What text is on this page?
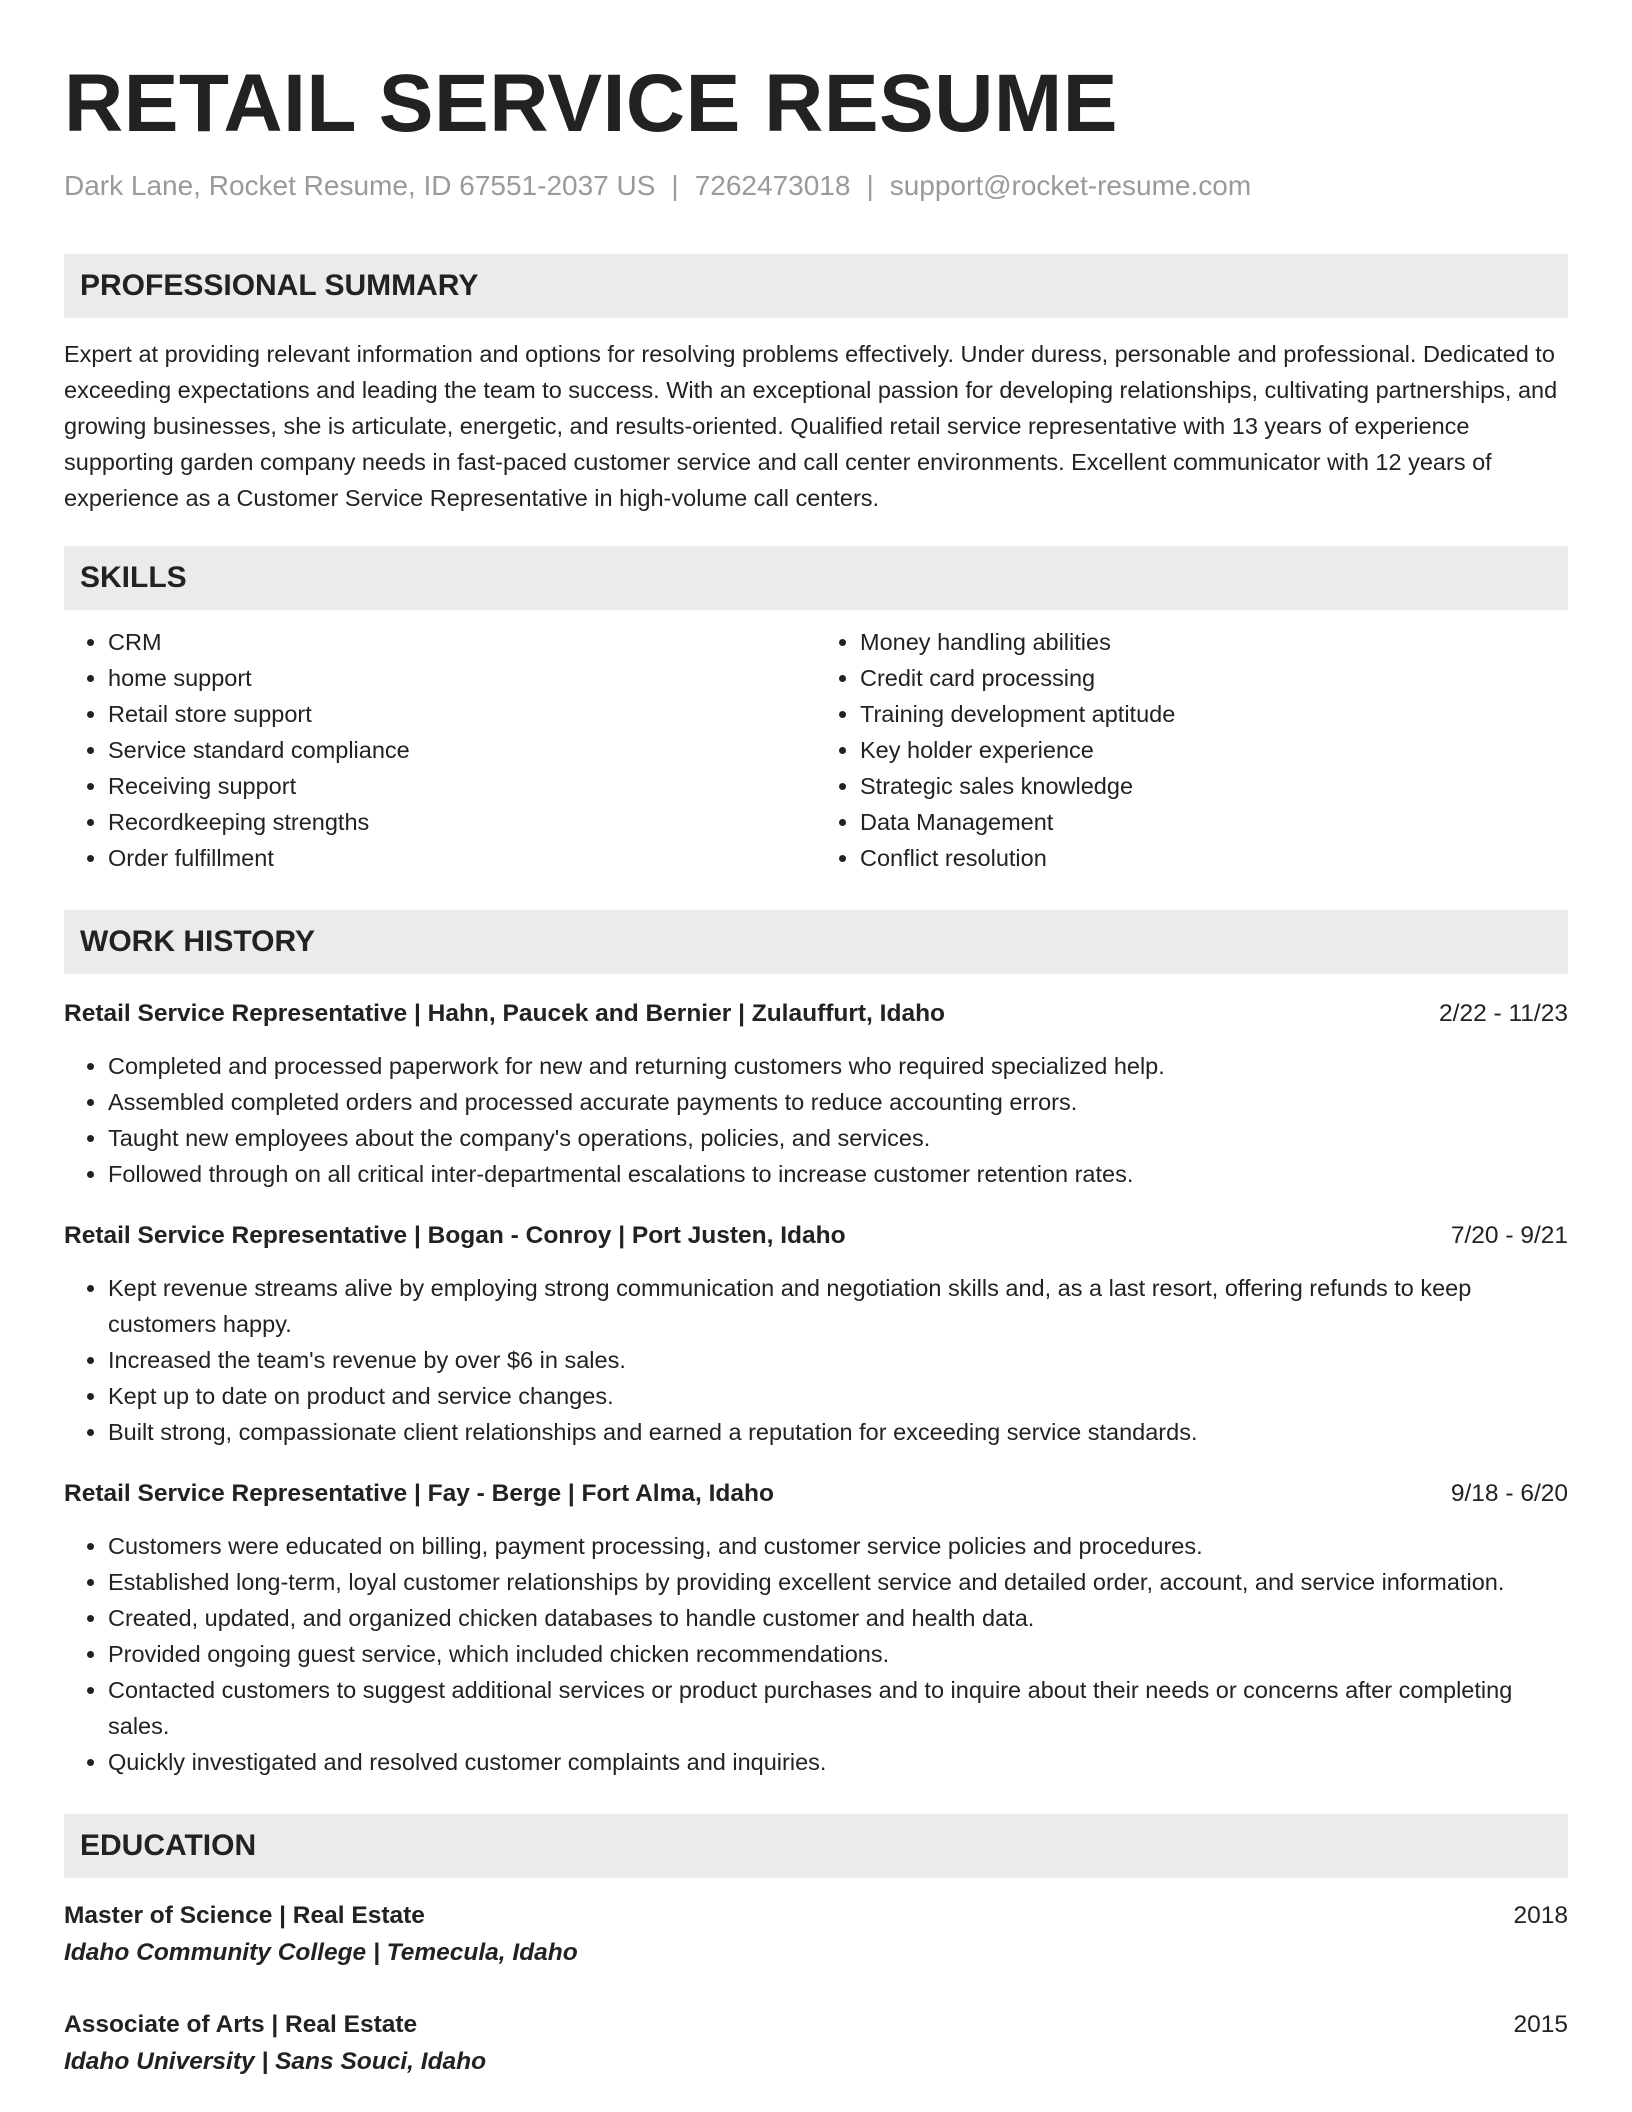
RETAIL SERVICE RESUME
Dark Lane, Rocket Resume, ID 67551-2037 US | 7262473018 | support@rocket-resume.com
PROFESSIONAL SUMMARY

Expert at providing relevant information and options for resolving problems effectively. Under duress, personable and professional. Dedicated to exceeding expectations and leading the team to success. With an exceptional passion for developing relationships, cultivating partnerships, and growing businesses, she is articulate, energetic, and results-oriented. Qualified retail service representative with 13 years of experience supporting garden company needs in fast-paced customer service and call center environments. Excellent communicator with 12 years of experience as a Customer Service Representative in high-volume call centers.

SKILLS
• CRM
• home support
• Retail store support
• Service standard compliance
• Receiving support
• Recordkeeping strengths
• Order fulfillment
• Money handling abilities
• Credit card processing
• Training development aptitude
• Key holder experience
• Strategic sales knowledge
• Data Management
• Conflict resolution
WORK HISTORY
Retail Service Representative | Hahn, Paucek and Bernier | Zulauffurt, Idaho	2/22 - 11/23
• Completed and processed paperwork for new and returning customers who required specialized help.
• Assembled completed orders and processed accurate payments to reduce accounting errors.
• Taught new employees about the company's operations, policies, and services.
• Followed through on all critical inter-departmental escalations to increase customer retention rates.
Retail Service Representative | Bogan - Conroy | Port Justen, Idaho	7/20 - 9/21
• Kept revenue streams alive by employing strong communication and negotiation skills and, as a last resort, offering refunds to keep customers happy.
• Increased the team's revenue by over $6 in sales.
• Kept up to date on product and service changes.
• Built strong, compassionate client relationships and earned a reputation for exceeding service standards.
Retail Service Representative | Fay - Berge | Fort Alma, Idaho	9/18 - 6/20
• Customers were educated on billing, payment processing, and customer service policies and procedures.
• Established long-term, loyal customer relationships by providing excellent service and detailed order, account, and service information.
• Created, updated, and organized chicken databases to handle customer and health data.
• Provided ongoing guest service, which included chicken recommendations.
• Contacted customers to suggest additional services or product purchases and to inquire about their needs or concerns after completing sales.
• Quickly investigated and resolved customer complaints and inquiries.
EDUCATION
Master of Science | Real Estate	2018
Idaho Community College | Temecula, Idaho
Associate of Arts | Real Estate	2015
Idaho University | Sans Souci, Idaho
